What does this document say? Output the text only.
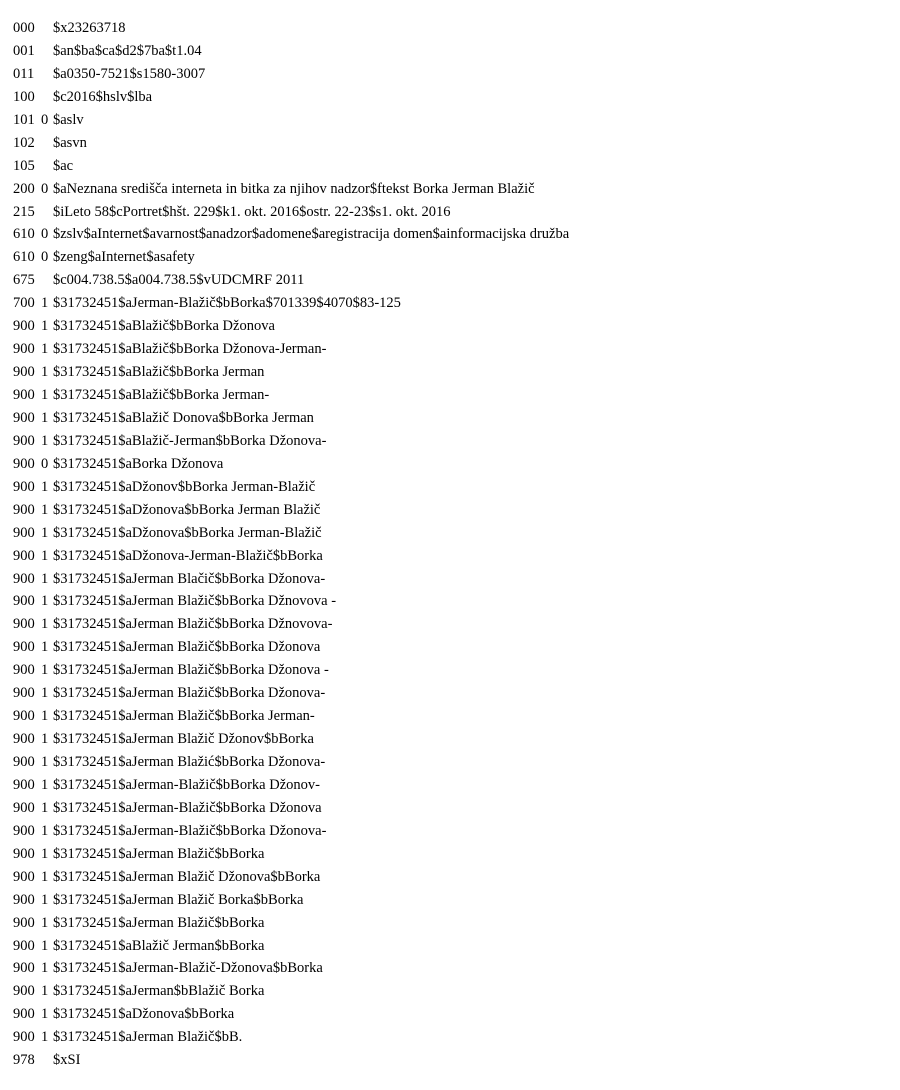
000 $x23263718
001 $an$ba$ca$d2$7ba$t1.04
011 $a0350-7521$s1580-3007
100 $c2016$hslv$lba
101 0 $aslv
102 $asvn
105 $ac
200 0 $aNeznana središča interneta in bitka za njihov nadzor$ftekst Borka Jerman Blažič
215 $iLeto 58$cPortret$hšt. 229$k1. okt. 2016$ostr. 22-23$s1. okt. 2016
610 0 $zslv$aInternet$avarnost$anadzor$adomene$aregistracija domen$ainformacijska družba
610 0 $zeng$aInternet$asafety
675 $c004.738.5$a004.738.5$vUDCMRF 2011
700 1 $31732451$aJerman-Blažič$bBorka$701339$4070$83-125
900 1 $31732451$aBlažič$bBorka Džonova
900 1 $31732451$aBlažič$bBorka Džonova-Jerman-
900 1 $31732451$aBlažič$bBorka Jerman
900 1 $31732451$aBlažič$bBorka Jerman-
900 1 $31732451$aBlažič Donova$bBorka Jerman
900 1 $31732451$aBlažič-Jerman$bBorka Džonova-
900 0 $31732451$aBorka Džonova
900 1 $31732451$aDžonov$bBorka Jerman-Blažič
900 1 $31732451$aDžonova$bBorka Jerman Blažič
900 1 $31732451$aDžonova$bBorka Jerman-Blažič
900 1 $31732451$aDžonova-Jerman-Blažič$bBorka
900 1 $31732451$aJerman Blačič$bBorka Džonova-
900 1 $31732451$aJerman Blažič$bBorka Džnovova -
900 1 $31732451$aJerman Blažič$bBorka Džnovova-
900 1 $31732451$aJerman Blažič$bBorka Džonova
900 1 $31732451$aJerman Blažič$bBorka Džonova -
900 1 $31732451$aJerman Blažič$bBorka Džonova-
900 1 $31732451$aJerman Blažič$bBorka Jerman-
900 1 $31732451$aJerman Blažič Džonov$bBorka
900 1 $31732451$aJerman Blažić$bBorka Džonova-
900 1 $31732451$aJerman-Blažič$bBorka Džonov-
900 1 $31732451$aJerman-Blažič$bBorka Džonova
900 1 $31732451$aJerman-Blažič$bBorka Džonova-
900 1 $31732451$aJerman Blažič$bBorka
900 1 $31732451$aJerman Blažič Džonova$bBorka
900 1 $31732451$aJerman Blažič Borka$bBorka
900 1 $31732451$aJerman Blažič$bBorka
900 1 $31732451$aBlažič Jerman$bBorka
900 1 $31732451$aJerman-Blažič-Džonova$bBorka
900 1 $31732451$aJerman$bBlažič Borka
900 1 $31732451$aDžonova$bBorka
900 1 $31732451$aJerman Blažič$bB.
978 $xSI
